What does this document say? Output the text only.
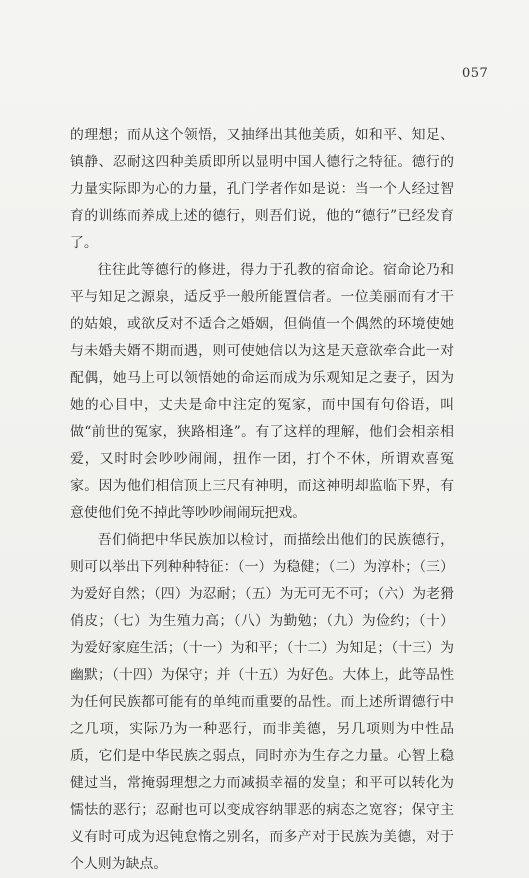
057

的理想；而从这个领悟，又抽绎出其他美质，如和平、知足、镇静、忍耐这四种美质即所以显明中国人德行之特征。德行的力量实际即为心的力量，孔门学者作如是说：当一个人经过智育的训练而养成上述的德行，则吾们说，他的“德行”已经发育了。

往往此等德行的修进，得力于孔教的宿命论。宿命论乃和平与知足之源泉，适反乎一般所能置信者。一位美丽而有才干的姑娘，或欲反对不适合之婚姻，但倘值一个偶然的环境使她与未婚夫婿不期而遇，则可使她信以为这是天意欲牵合此一对配偶，她马上可以领悟她的命运而成为乐观知足之妻子，因为她的心目中，丈夫是命中注定的冤家，而中国有句俗语，叫做“前世的冤家，狭路相逢”。有了这样的理解，他们会相亲相爱，又时时会吵吵闹闹，扭作一团，打个不休，所谓欢喜冤家。因为他们相信顶上三尺有神明，而这神明却监临下界，有意使他们免不掉此等吵吵闹闹玩把戏。

吾们倘把中华民族加以检讨，而描绘出他们的民族德行，则可以举出下列种种特征：（一）为稳健；（二）为淳朴；（三）为爱好自然；（四）为忍耐；（五）为无可无不可；（六）为老猾俏皮；（七）为生殖力高；（八）为勤勉；（九）为俭约；（十）为爱好家庭生活；（十一）为和平；（十二）为知足；（十三）为幽默；（十四）为保守；并（十五）为好色。大体上，此等品性为任何民族都可能有的单纯而重要的品性。而上述所谓德行中之几项，实际乃为一种恶行，而非美德，另几项则为中性品质，它们是中华民族之弱点，同时亦为生存之力量。心智上稳健过当，常掩弱理想之力而减损幸福的发皇；和平可以转化为懦怯的恶行；忍耐也可以变成容纳罪恶的病态之宽容；保守主义有时可成为迟钝怠惰之别名，而多产对于民族为美德，对于个人则为缺点。
